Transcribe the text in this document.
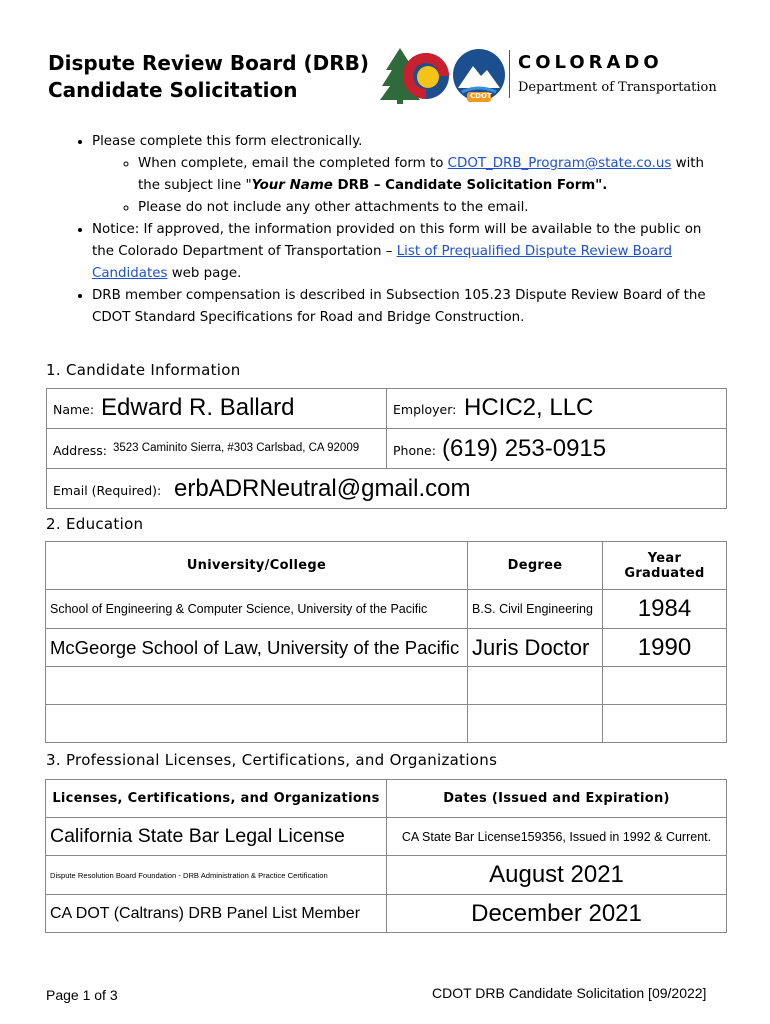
Dispute Review Board (DRB)
Candidate Solicitation
COLORADO
Department of Transportation
CDOT
• Please complete this form electronically.
◦ When complete, email the completed form to CDOT_DRB_Program@state.co.us with
the subject line "Your Name DRB – Candidate Solicitation Form".
◦ Please do not include any other attachments to the email.
• Notice: If approved, the information provided on this form will be available to the public on the Colorado Department of Transportation – List of Prequalified Dispute Review Board Candidates web page.
• DRB member compensation is described in Subsection 105.23 Dispute Review Board of the CDOT Standard Specifications for Road and Bridge Construction.
1. Candidate Information
Name: Edward R. Ballard	Employer: HCIC2, LLC
Address: 3523 Caminito Sierra, #303 Carlsbad, CA 92009	Phone: (619) 253-0915
Email (Required): erbADRNeutral@gmail.com
2. Education
University/College	Degree	Year
Graduated

School of Engineering & Computer Science, University of the Pacific	B.S. Civil Engineering	1984
McGeorge School of Law, University of the Pacific	Juris Doctor	1990

3. Professional Licenses, Certifications, and Organizations
Licenses, Certifications, and Organizations	Dates (Issued and Expiration)
California State Bar Legal License	CA State Bar License159356, Issued in 1992 & Current.
Dispute Resolution Board Foundation - DRB Administration & Practice Certification	August 2021
CA DOT (Caltrans) DRB Panel List Member	December 2021
Page 1 of 3	CDOT DRB Candidate Solicitation [09/2022]
